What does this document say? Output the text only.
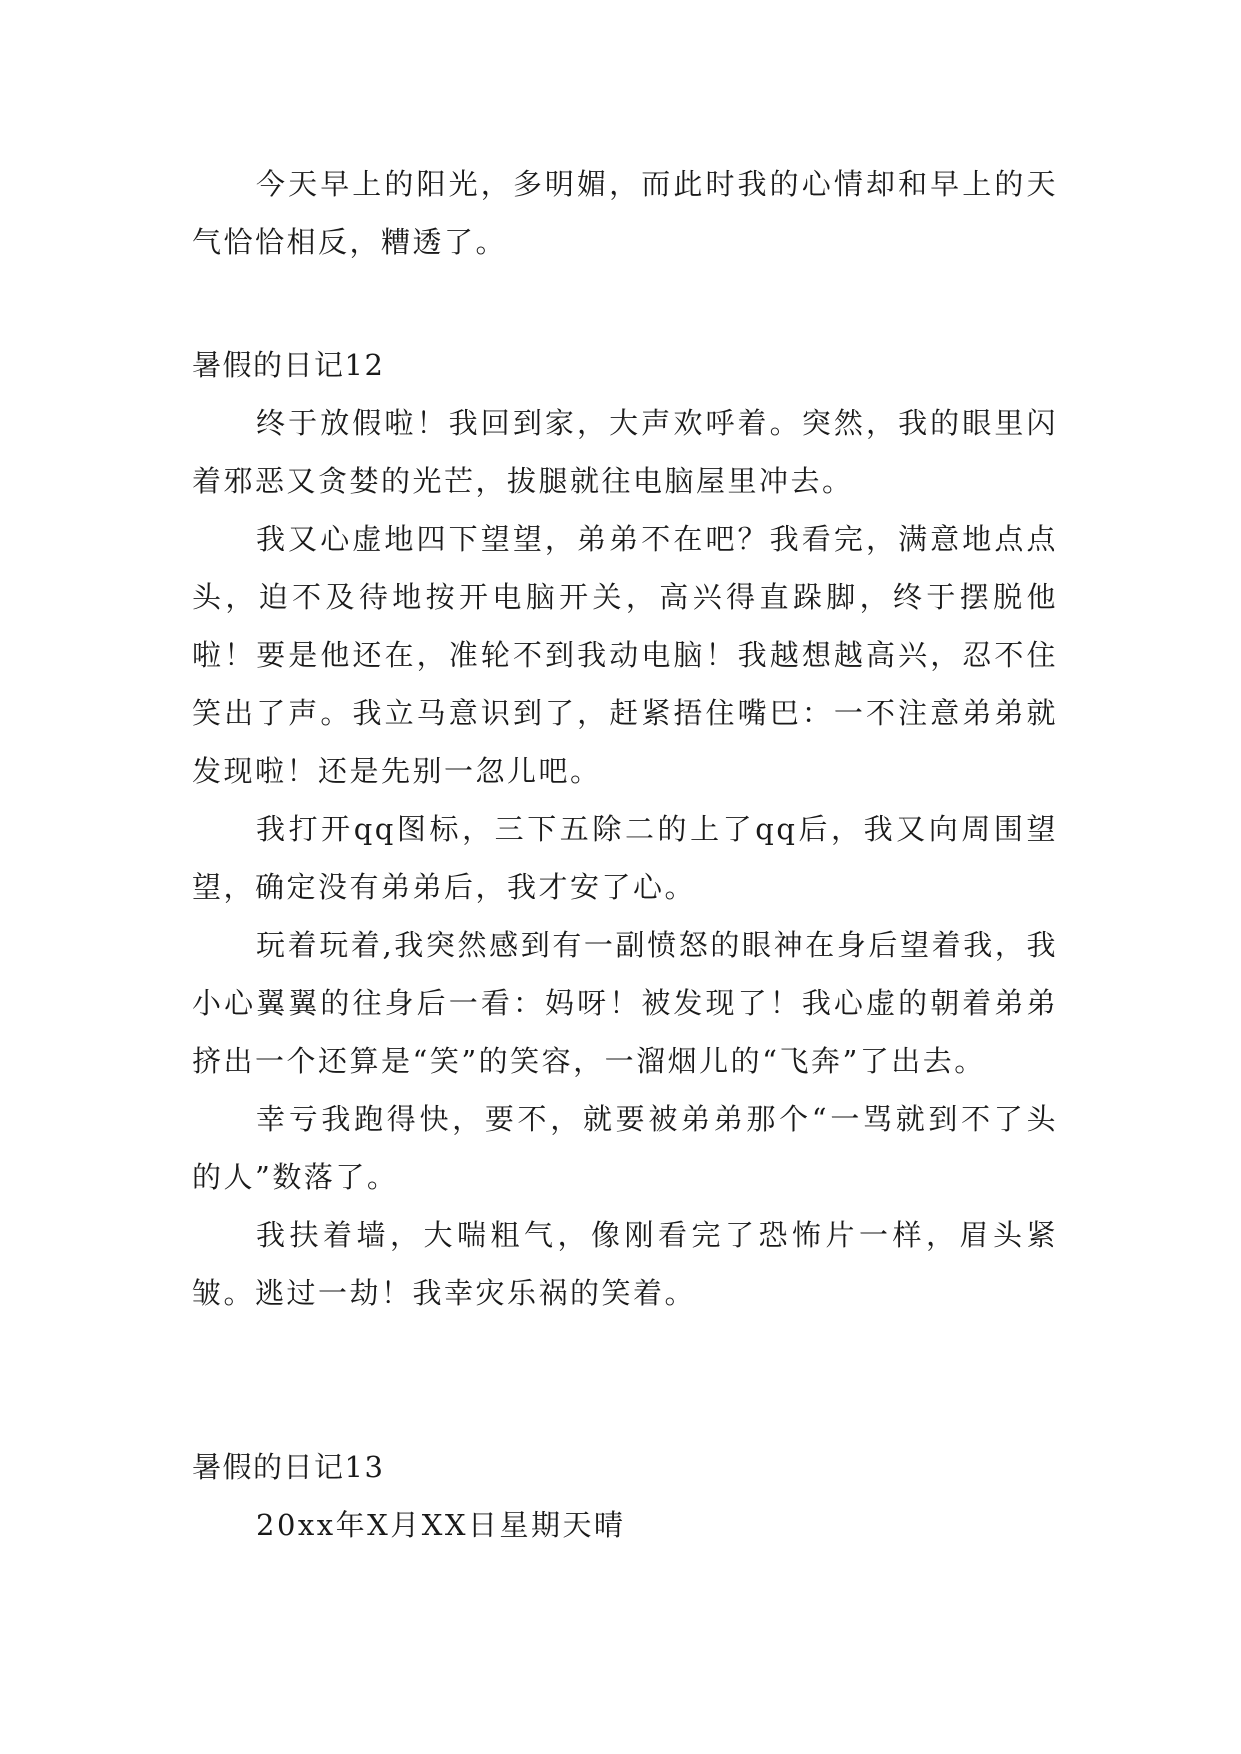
今天早上的阳光，多明媚，而此时我的心情却和早上的天气恰恰相反，糟透了。

暑假的日记12

终于放假啦！我回到家，大声欢呼着。突然，我的眼里闪着邪恶又贪婪的光芒，拔腿就往电脑屋里冲去。

我又心虚地四下望望，弟弟不在吧？我看完，满意地点点头，迫不及待地按开电脑开关，高兴得直跺脚，终于摆脱他啦！要是他还在，准轮不到我动电脑！我越想越高兴，忍不住笑出了声。我立马意识到了，赶紧捂住嘴巴：一不注意弟弟就发现啦！还是先别一忽儿吧。

我打开qq图标，三下五除二的上了qq后，我又向周围望望，确定没有弟弟后，我才安了心。

玩着玩着,我突然感到有一副愤怒的眼神在身后望着我，我小心翼翼的往身后一看：妈呀！被发现了！我心虚的朝着弟弟挤出一个还算是“笑”的笑容，一溜烟儿的“飞奔”了出去。

幸亏我跑得快，要不，就要被弟弟那个“一骂就到不了头的人”数落了。

我扶着墙，大喘粗气，像刚看完了恐怖片一样，眉头紧皱。逃过一劫！我幸灾乐祸的笑着。

暑假的日记13

20xx年X月XX日星期天晴
